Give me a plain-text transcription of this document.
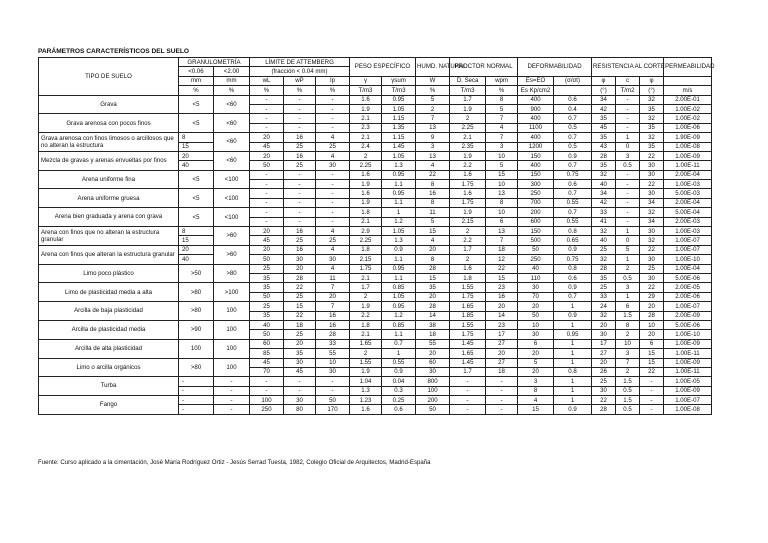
PARÁMETROS CARACTERÍSTICOS DEL SUELO
TIPO DE SUELO	GRANULOMETRÍA		LÍMITE DE ATTEMBERG			PESO ESPECÍFICO		HUMD. NATURAL	PROCTOR NORMAL		DEFORMABILIDAD		RESISTENCIA AL CORTE			PERMEABILIDAD
	<0.06	<2.00	(fracción < 0.04 mm)													
	mm	mm	wL	wP	Ip	γ	γsum	W	D. Seca	wpm	Es=EO	(σ/σt)	φ	c	φ	
	%	%	%	%	%	T/m3	T/m3	%	T/m3	%	Es Kp/cm2		(°)	T/m2	(°)	m/s
Grava	<5	<60	-	-	-	1.6	0.95	5	1.7	8	400	0.6	34	-	32	2.00E-01
			-	-	-	1.9	1.05	2	1.9	5	900	0.4	42	-	35	1.00E-02
Grava arenosa con pocos finos	<5	<60	-	-	-	2.1	1.15	7	2	7	400	0.7	35	-	32	1.00E-02
			-	-	-	2.3	1.35	13	2.25	4	1100	0.5	45	-	35	1.00E-06
Grava arenosa con finos limosos o arcillosos que no alteran la estructura	8	<60	20	16	4	2.1	1.15	9	2.1	7	400	0.7	35	1	32	1.90E-09
	15		45	25	25	2.4	1.45	3	2.35	3	1200	0.5	43	0	35	1.00E-08
Mezcla de gravas y arenas envueltas por finos	20	<60	20	16	4	2	1.05	13	1.9	10	150	0.9	28	3	22	1.00E-09
	40		50	25	30	2.25	1.3	4	2.2	5	400	0.7	35	0.5	30	1.00E-11
Arena uniforme fina	<5	<100	-	-	-	1.6	0.95	22	1.6	15	150	0.75	32	-	30	2.00E-04
			-	-	-	1.9	1.1	8	1.75	10	300	0.6	40	-	22	1.00E-03
Arena uniforme gruesa	<5	<100	-	-	-	1.6	0.95	16	1.6	13	250	0.7	34	-	30	5.00E-03
			-	-	-	1.9	1.1	8	1.75	8	700	0.55	42	-	34	2.00E-04
Arena bien graduada y arena con grava	<5	<100	-	-	-	1.8	1	11	1.9	10	200	0.7	33	-	32	5.00E-04
			-	-	-	2.1	1.2	5	2.15	6	600	0.55	41	-	34	2.00E-03
Arena con finos que no alteran la estructura granular	8	>60	20	16	4	2.9	1.05	15	2	13	150	0.8	32	1	30	1.00E-03
	15		45	25	25	2.25	1.3	4	2.2	7	500	0.65	40	0	32	1.00E-07
Arena con finos que alteran la estructura granular	20	>60	20	16	4	1.8	0.9	20	1.7	18	50	0.9	25	5	22	1.00E-07
	40		50	30	30	2.15	1.1	8	2	12	250	0.75	32	1	30	1.00E-10
Limo poco plástico	>50	>80	25	20	4	1.75	0.95	28	1.6	22	40	0.8	28	2	25	1.00E-04
			35	28	11	2.1	1.1	15	1.8	15	110	0.6	35	0.5	30	5.00E-06
Limo de plasticidad media a alta	>80	>100	35	22	7	1.7	0.85	35	1.55	23	30	0.9	25	3	22	2.00E-05
			50	25	20	2	1.05	20	1.75	16	70	0.7	33	1	29	2.00E-06
Arcilla de baja plasticidad	>80	100	25	15	7	1.9	0.95	28	1.65	20	20	1	24	6	20	1.00E-07
			35	22	16	2.2	1.2	14	1.85	14	50	0.9	32	1.5	28	2.00E-09
Arcilla de plasticidad media	>90	100	40	18	16	1.8	0.85	38	1.55	23	10	1	20	8	10	5.00E-06
			50	25	28	2.1	1.1	18	1.75	17	30	0.95	30	2	20	1.00E-10
Arcilla de alta plasticidad	100	100	60	20	33	1.65	0.7	55	1.45	27	6	1	17	10	6	1.00E-09
			85	35	55	2	1	20	1.65	20	20	1	27	3	15	1.00E-11
Limo o arcilla orgánicos	>80	100	45	30	10	1.55	0.55	60	1.45	27	5	1	20	7	15	1.00E-09
			70	45	30	1.9	0.9	30	1.7	18	20	0.8	26	2	22	1.00E-11
Turba	-	-	-	-	-	1.04	0.04	800	-	-	3	1	25	1.5	-	1.00E-05
	-	-	-	-	-	1.3	0.3	100	-	-	8	1	30	0.5	-	1.00E-09
Fango	-	-	100	30	50	1.23	0.25	200	-	-	4	1	22	1.5	-	1.00E-07
	-	-	250	80	170	1.6	0.6	50	-	-	15	0.9	28	0.5	-	1.00E-08
Fuente: Curso aplicado a la cimentación, José María Rodríguez Ortiz - Jesús Serrad Tuesta, 1982, Colegio Oficial de Arquitectos, Madrid-España
